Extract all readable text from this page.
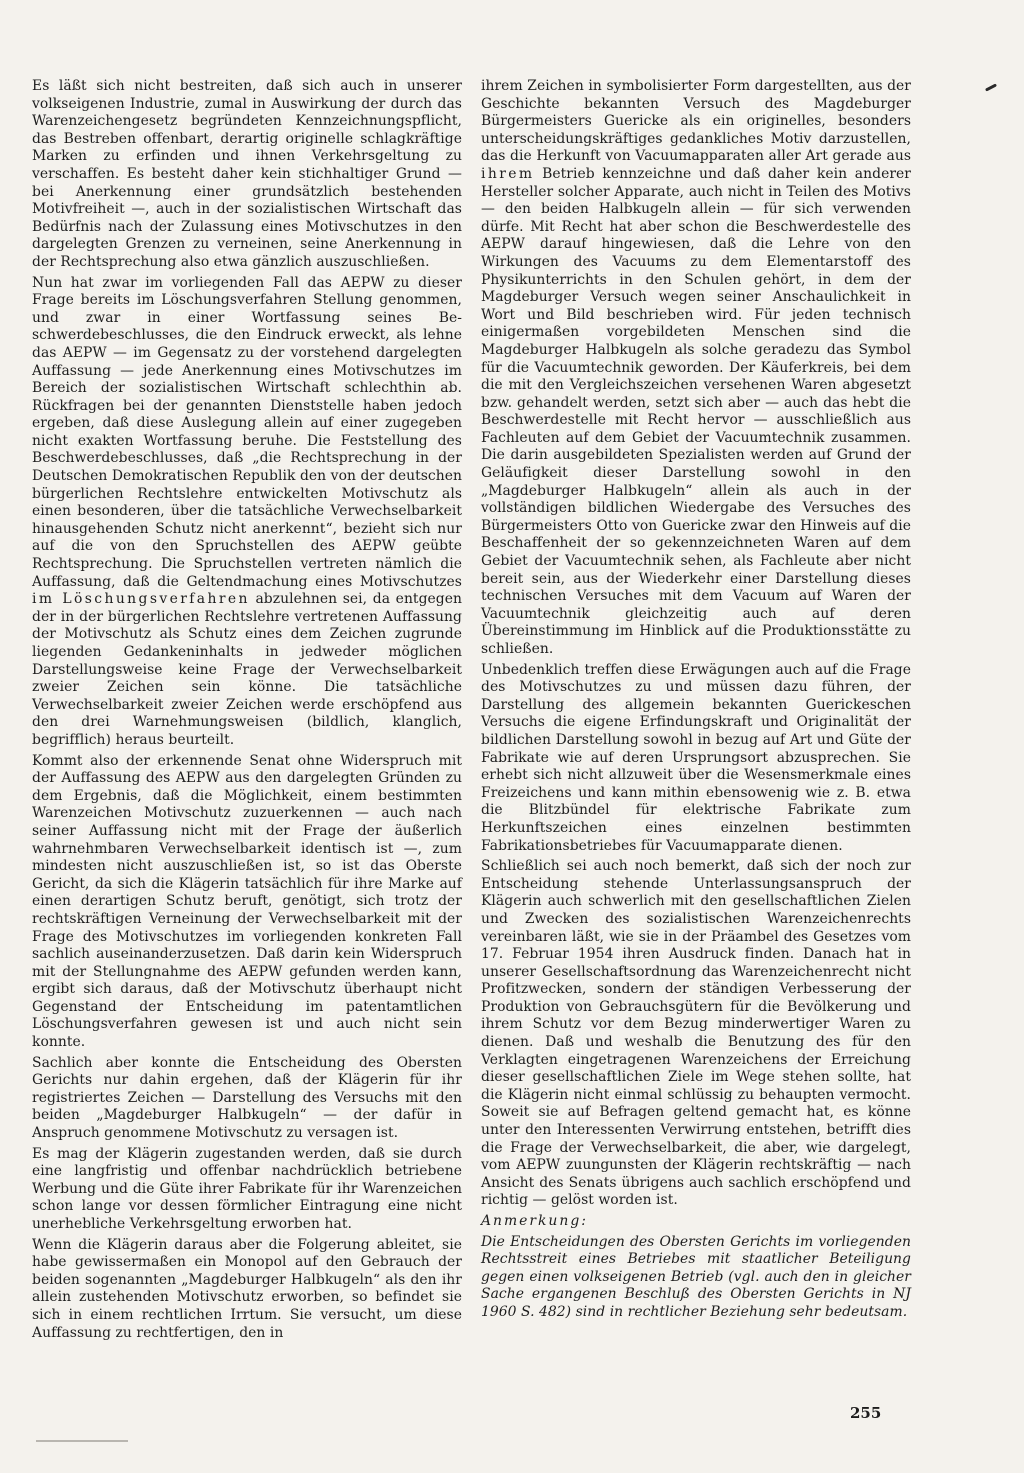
Es läßt sich nicht bestreiten, daß sich auch in unserer volkseigenen Industrie, zumal in Auswirkung der durch das Warenzeichengesetz begründeten Kennzeichnungspflicht, das Bestreben offenbart, derartig originelle schlagkräftige Marken zu erfinden und ihnen Verkehrsgeltung zu verschaffen. Es besteht daher kein stichhaltiger Grund — bei Anerkennung einer grundsätzlich bestehenden Motivfreiheit —, auch in der sozialistischen Wirtschaft das Bedürfnis nach der Zulassung eines Motivschutzes in den dargelegten Grenzen zu verneinen, seine Anerkennung in der Rechtsprechung also etwa gänzlich auszuschließen.

Nun hat zwar im vorliegenden Fall das AEPW zu dieser Frage bereits im Löschungsverfahren Stellung genommen, und zwar in einer Wortfassung seines Beschwerdebeschlusses, die den Eindruck erweckt, als lehne das AEPW — im Gegensatz zu der vorstehend dargelegten Auffassung — jede Anerkennung eines Motivschutzes im Bereich der sozialistischen Wirtschaft schlechthin ab. Rückfragen bei der genannten Dienststelle haben jedoch ergeben, daß diese Auslegung allein auf einer zugegeben nicht exakten Wortfassung beruhe. Die Feststellung des Beschwerdebeschlusses, daß „die Rechtsprechung in der Deutschen Demokratischen Republik den von der deutschen bürgerlichen Rechtslehre entwickelten Motivschutz als einen besonderen, über die tatsächliche Verwechselbarkeit hinausgehenden Schutz nicht anerkennt“, bezieht sich nur auf die von den Spruchstellen des AEPW geübte Rechtsprechung. Die Spruchstellen vertreten nämlich die Auffassung, daß die Geltendmachung eines Motivschutzes im Löschungsverfahren abzulehnen sei, da entgegen der in der bürgerlichen Rechtslehre vertretenen Auffassung der Motivschutz als Schutz eines dem Zeichen zugrunde liegenden Gedankeninhalts in jedweder möglichen Darstellungsweise keine Frage der Verwechselbarkeit zweier Zeichen sein könne. Die tatsächliche Verwechselbarkeit zweier Zeichen werde erschöpfend aus den drei Warnehmungsweisen (bildlich, klanglich, begrifflich) heraus beurteilt.

Kommt also der erkennende Senat ohne Widerspruch mit der Auffassung des AEPW aus den dargelegten Gründen zu dem Ergebnis, daß die Möglichkeit, einem bestimmten Warenzeichen Motivschutz zuzuerkennen — auch nach seiner Auffassung nicht mit der Frage der äußerlich wahrnehmbaren Verwechselbarkeit identisch ist —, zum mindesten nicht auszuschließen ist, so ist das Oberste Gericht, da sich die Klägerin tatsächlich für ihre Marke auf einen derartigen Schutz beruft, genötigt, sich trotz der rechtskräftigen Verneinung der Verwechselbarkeit mit der Frage des Motivschutzes im vorliegenden konkreten Fall sachlich auseinanderzusetzen. Daß darin kein Widerspruch mit der Stellungnahme des AEPW gefunden werden kann, ergibt sich daraus, daß der Motivschutz überhaupt nicht Gegenstand der Entscheidung im patentamtlichen Löschungsverfahren gewesen ist und auch nicht sein konnte.

Sachlich aber konnte die Entscheidung des Obersten Gerichts nur dahin ergehen, daß der Klägerin für ihr registriertes Zeichen — Darstellung des Versuchs mit den beiden „Magdeburger Halbkugeln“ — der dafür in Anspruch genommene Motivschutz zu versagen ist.

Es mag der Klägerin zugestanden werden, daß sie durch eine langfristig und offenbar nachdrücklich betriebene Werbung und die Güte ihrer Fabrikate für ihr Warenzeichen schon lange vor dessen förmlicher Eintragung eine nicht unerhebliche Verkehrsgeltung erworben hat.

Wenn die Klägerin daraus aber die Folgerung ableitet, sie habe gewissermaßen ein Monopol auf den Gebrauch der beiden sogenannten „Magdeburger Halbkugeln“ als den ihr allein zustehenden Motivschutz erworben, so befindet sie sich in einem rechtlichen Irrtum. Sie versucht, um diese Auffassung zu rechtfertigen, den in

ihrem Zeichen in symbolisierter Form dargestellten, aus der Geschichte bekannten Versuch des Magdeburger Bürgermeisters Guericke als ein originelles, besonders unterscheidungskräftiges gedankliches Motiv darzustellen, das die Herkunft von Vacuumapparaten aller Art gerade aus ihrem Betrieb kennzeichne und daß daher kein anderer Hersteller solcher Apparate, auch nicht in Teilen des Motivs — den beiden Halbkugeln allein — für sich verwenden dürfe. Mit Recht hat aber schon die Beschwerdestelle des AEPW darauf hingewiesen, daß die Lehre von den Wirkungen des Vacuums zu dem Elementarstoff des Physikunterrichts in den Schulen gehört, in dem der Magdeburger Versuch wegen seiner Anschaulichkeit in Wort und Bild beschrieben wird. Für jeden technisch einigermaßen vorgebildeten Menschen sind die Magdeburger Halbkugeln als solche geradezu das Symbol für die Vacuumtechnik geworden. Der Käuferkreis, bei dem die mit den Vergleichszeichen versehenen Waren abgesetzt bzw. gehandelt werden, setzt sich aber — auch das hebt die Beschwerdestelle mit Recht hervor — ausschließlich aus Fachleuten auf dem Gebiet der Vacuumtechnik zusammen. Die darin ausgebildeten Spezialisten werden auf Grund der Geläufigkeit dieser Darstellung sowohl in den „Magdeburger Halbkugeln“ allein als auch in der vollständigen bildlichen Wiedergabe des Versuches des Bürgermeisters Otto von Guericke zwar den Hinweis auf die Beschaffenheit der so gekennzeichneten Waren auf dem Gebiet der Vacuumtechnik sehen, als Fachleute aber nicht bereit sein, aus der Wiederkehr einer Darstellung dieses technischen Versuches mit dem Vacuum auf Waren der Vacuumtechnik gleichzeitig auch auf deren Übereinstimmung im Hinblick auf die Produktionsstätte zu schließen.

Unbedenklich treffen diese Erwägungen auch auf die Frage des Motivschutzes zu und müssen dazu führen, der Darstellung des allgemein bekannten Guerickeschen Versuchs die eigene Erfindungskraft und Originalität der bildlichen Darstellung sowohl in bezug auf Art und Güte der Fabrikate wie auf deren Ursprungsort abzusprechen. Sie erhebt sich nicht allzuweit über die Wesensmerkmale eines Freizeichens und kann mithin ebensowenig wie z. B. etwa die Blitzbündel für elektrische Fabrikate zum Herkunftszeichen eines einzelnen bestimmten Fabrikationsbetriebes für Vacuumapparate dienen.

Schließlich sei auch noch bemerkt, daß sich der noch zur Entscheidung stehende Unterlassungsanspruch der Klägerin auch schwerlich mit den gesellschaftlichen Zielen und Zwecken des sozialistischen Warenzeichenrechts vereinbaren läßt, wie sie in der Präambel des Gesetzes vom 17. Februar 1954 ihren Ausdruck finden. Danach hat in unserer Gesellschaftsordnung das Warenzeichenrecht nicht Profitzwecken, sondern der ständigen Verbesserung der Produktion von Gebrauchsgütern für die Bevölkerung und ihrem Schutz vor dem Bezug minderwertiger Waren zu dienen. Daß und weshalb die Benutzung des für den Verklagten eingetragenen Warenzeichens der Erreichung dieser gesellschaftlichen Ziele im Wege stehen sollte, hat die Klägerin nicht einmal schlüssig zu behaupten vermocht. Soweit sie auf Befragen geltend gemacht hat, es könne unter den Interessenten Verwirrung entstehen, betrifft dies die Frage der Verwechselbarkeit, die aber, wie dargelegt, vom AEPW zuungunsten der Klägerin rechtskräftig — nach Ansicht des Senats übrigens auch sachlich erschöpfend und richtig — gelöst worden ist.

Anmerkung:

Die Entscheidungen des Obersten Gerichts im vorliegenden Rechtsstreit eines Betriebes mit staatlicher Beteiligung gegen einen volkseigenen Betrieb (vgl. auch den in gleicher Sache ergangenen Beschluß des Obersten Gerichts in NJ 1960 S. 482) sind in rechtlicher Beziehung sehr bedeutsam.

255
